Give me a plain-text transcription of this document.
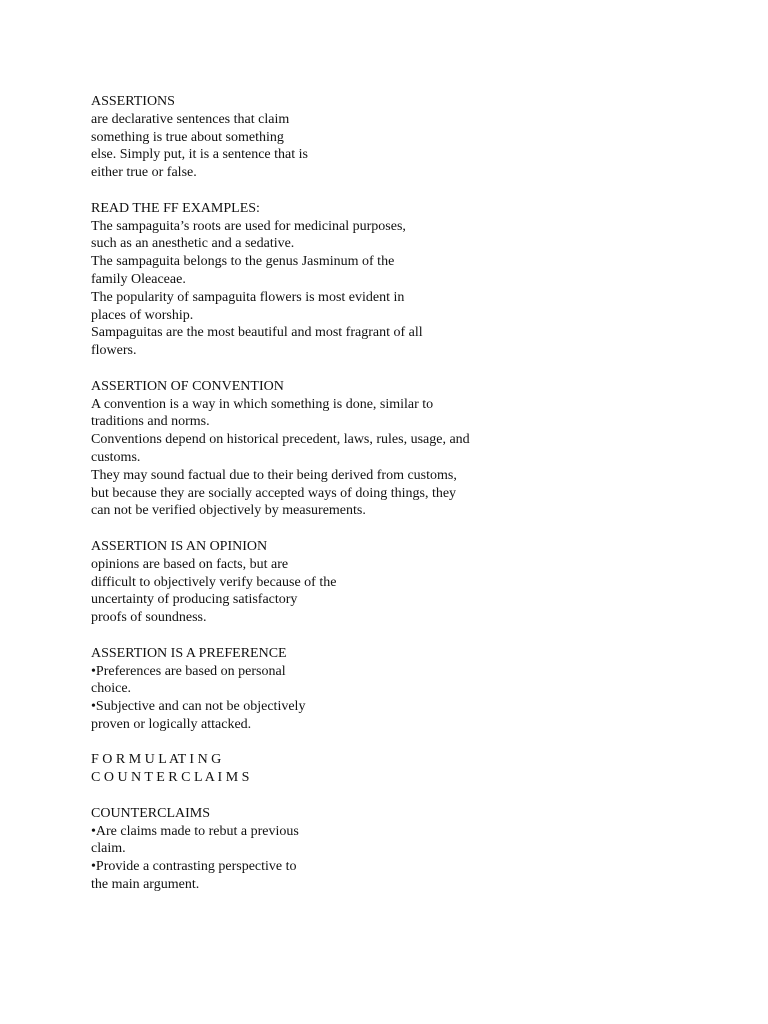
ASSERTIONS
are declarative sentences that claim
something is true about something
else. Simply put, it is a sentence that is
either true or false.
READ THE FF EXAMPLES:
The sampaguita’s roots are used for medicinal purposes,
such as an anesthetic and a sedative.
The sampaguita belongs to the genus Jasminum of the
family Oleaceae.
The popularity of sampaguita flowers is most evident in
places of worship.
Sampaguitas are the most beautiful and most fragrant of all
flowers.
ASSERTION OF CONVENTION
A convention is a way in which something is done, similar to
traditions and norms.
Conventions depend on historical precedent, laws, rules, usage, and
customs.
They may sound factual due to their being derived from customs,
but because they are socially accepted ways of doing things, they
can not be verified objectively by measurements.
ASSERTION IS AN OPINION
opinions are based on facts, but are
difficult to objectively verify because of the
uncertainty of producing satisfactory
proofs of soundness.
ASSERTION IS A PREFERENCE
•Preferences are based on personal
choice.
•Subjective and can not be objectively
proven or logically attacked.
F O R M U L AT I N G
C O U N T E R C L A I M S
COUNTERCLAIMS
•Are claims made to rebut a previous
claim.
•Provide a contrasting perspective to
the main argument.
